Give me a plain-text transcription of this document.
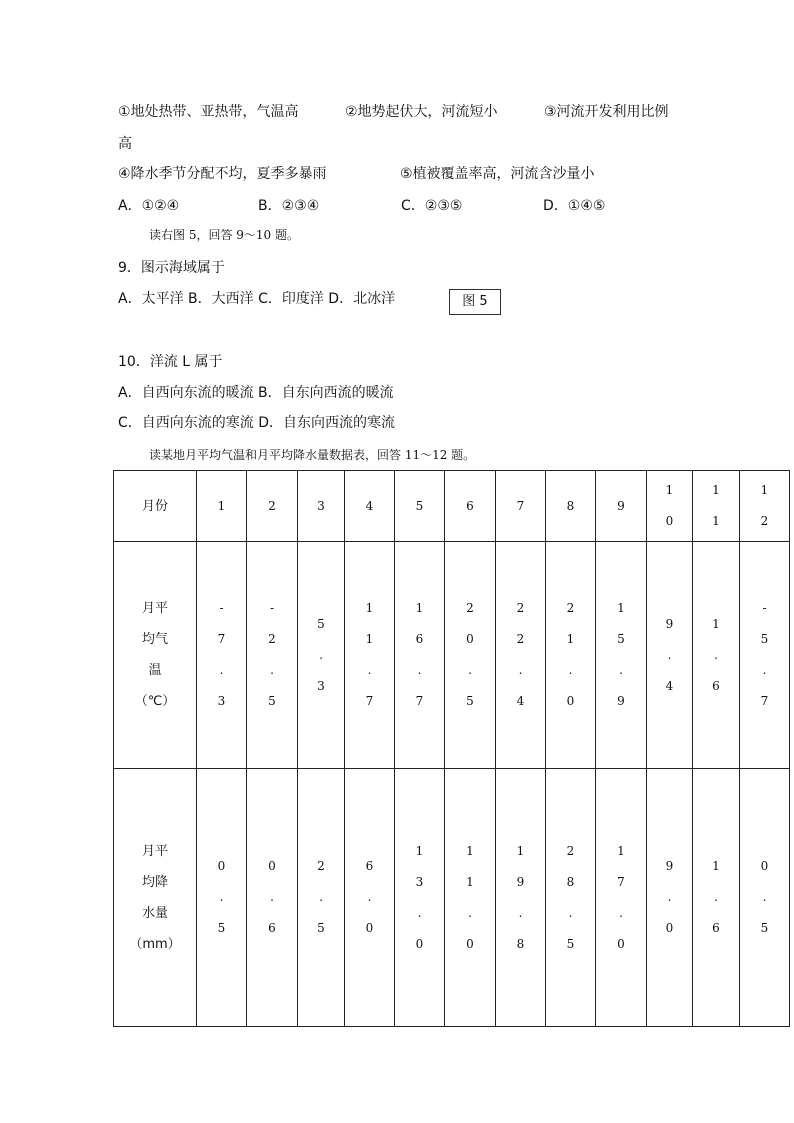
①地处热带、亚热带，气温高	②地势起伏大，河流短小	③河流开发利用比例
高
④降水季节分配不均，夏季多暴雨	⑤植被覆盖率高，河流含沙量小
A．①②④	B．②③④	C．②③⑤	D．①④⑤
读右图 5，回答 9～10 题。
9．图示海域属于
A．太平洋 B．大西洋 C．印度洋 D．北冰洋	图 5
10．洋流 L 属于
A．自西向东流的暖流 B．自东向西流的暖流
C．自西向东流的寒流 D．自东向西流的寒流
读某地月平均气温和月平均降水量数据表，回答 11～12 题。
月份	1	2	3	4	5	6	7	8	9	1
0	1
1	1
2

月平
均气
温
（℃）	-
7
.
3	-
2
.
5	5
.
3	1
1
.
7	1
6
.
7	2
0
.
5	2
2
.
4	2
1
.
0	1
5
.
9	9
.
4	1
.
6	-
5
.
7

月平
均降
水量
（mm）	0
.
5	0
.
6	2
.
5	6
.
0	1
3
.
0	1
1
.
0	1
9
.
8	2
8
.
5	1
7
.
0	9
.
0	1
.
6	0
.
5
